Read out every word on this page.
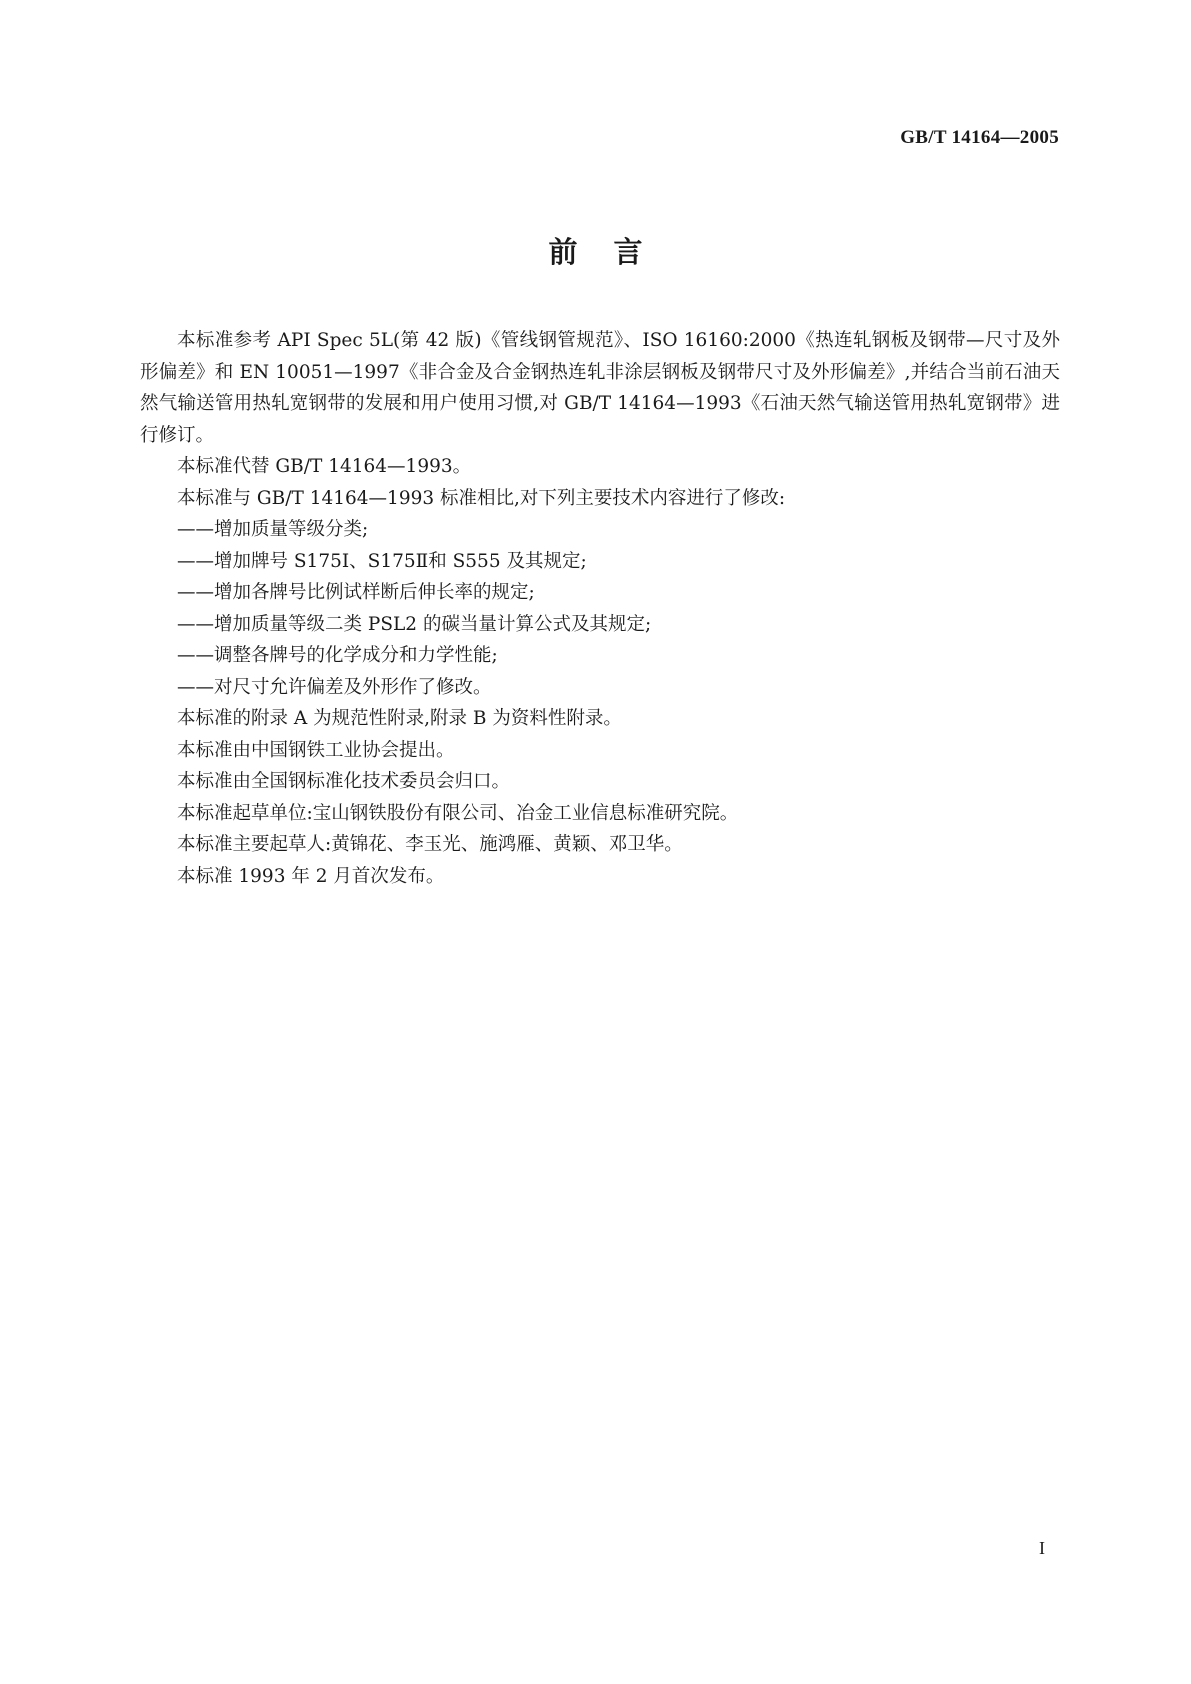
GB/T 14164—2005
前言

本标准参考 API Spec 5L(第 42 版)《管线钢管规范》、ISO 16160:2000《热连轧钢板及钢带—尺寸及外形偏差》和 EN 10051—1997《非合金及合金钢热连轧非涂层钢板及钢带尺寸及外形偏差》,并结合当前石油天然气输送管用热轧宽钢带的发展和用户使用习惯,对 GB/T 14164—1993《石油天然气输送管用热轧宽钢带》进行修订。

本标准代替 GB/T 14164—1993。

本标准与 GB/T 14164—1993 标准相比,对下列主要技术内容进行了修改:

——增加质量等级分类;

——增加牌号 S175Ⅰ、S175Ⅱ和 S555 及其规定;

——增加各牌号比例试样断后伸长率的规定;

——增加质量等级二类 PSL2 的碳当量计算公式及其规定;

——调整各牌号的化学成分和力学性能;

——对尺寸允许偏差及外形作了修改。

本标准的附录 A 为规范性附录,附录 B 为资料性附录。

本标准由中国钢铁工业协会提出。

本标准由全国钢标准化技术委员会归口。

本标准起草单位:宝山钢铁股份有限公司、冶金工业信息标准研究院。

本标准主要起草人:黄锦花、李玉光、施鸿雁、黄颖、邓卫华。

本标准 1993 年 2 月首次发布。

I
